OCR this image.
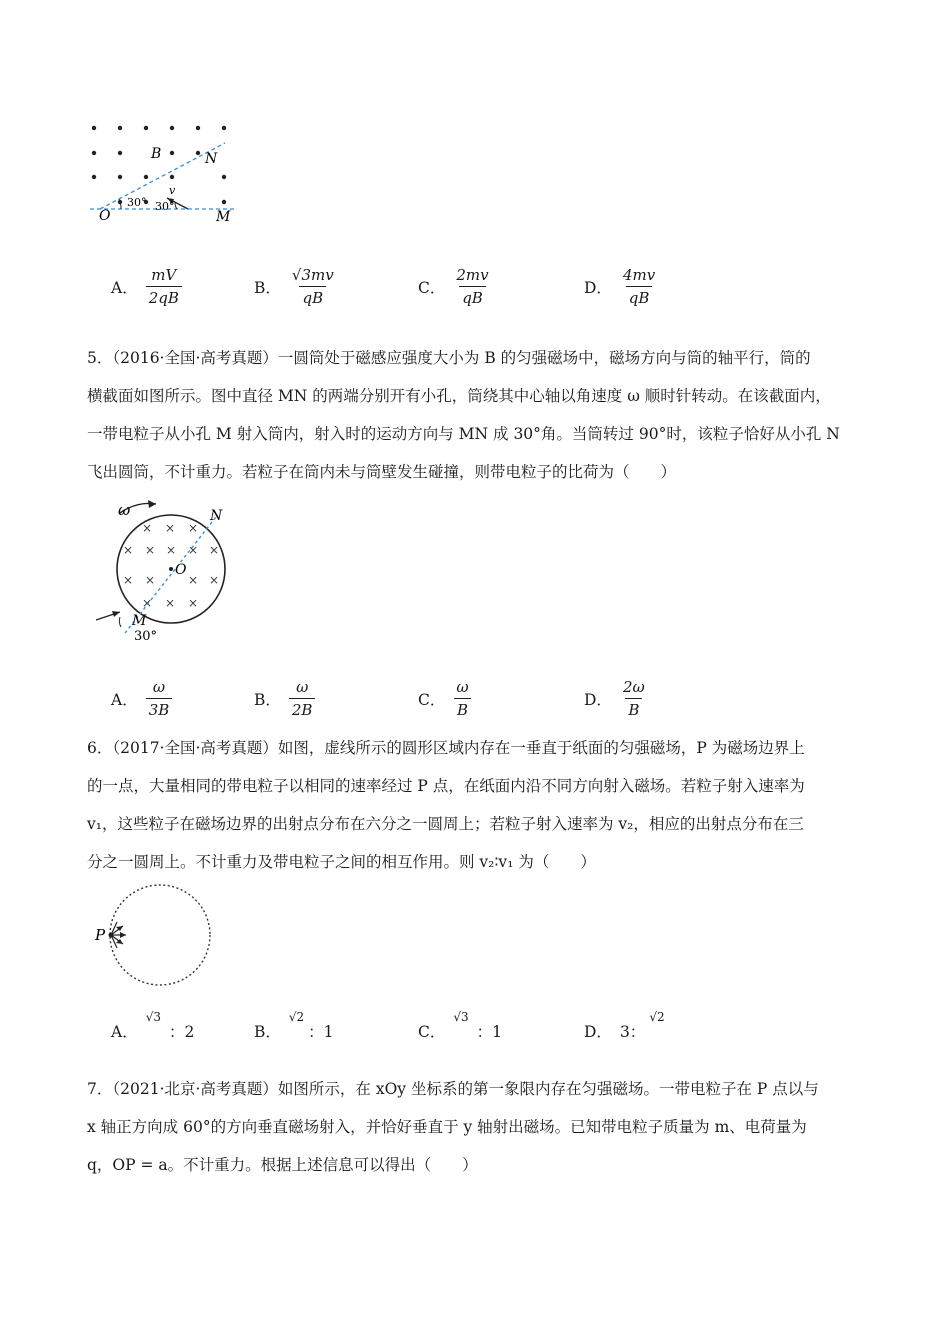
B	N
O	M
v
30° 30°
A． $\frac{mV}{2qB}$	B． $\frac{√3mv}{qB}$	C． $\frac{2mv}{qB}$	D． $\frac{4mv}{qB}$
5．（2016·全国·高考真题）一圆筒处于磁感应强度大小为 B 的匀强磁场中，磁场方向与筒的轴平行，筒的
横截面如图所示。图中直径 MN 的两端分别开有小孔，筒绕其中心轴以角速度 ω 顺时针转动。在该截面内，
一带电粒子从小孔 M 射入筒内，射入时的运动方向与 MN 成 30°角。当筒转过 90°时，该粒子恰好从小孔 N
飞出圆筒，不计重力。若粒子在筒内未与筒壁发生碰撞，则带电粒子的比荷为（　　）
× × ×
× × × × ×
× ×	× ×
× × ×
ω	N
O
M
30°
A． $\frac{\omega}{3B}$	B． $\frac{\omega}{2B}$	C． $\frac{\omega}{B}$	D． $\frac{2\omega}{B}$
6．（2017·全国·高考真题）如图，虚线所示的圆形区域内存在一垂直于纸面的匀强磁场，P 为磁场边界上
的一点，大量相同的带电粒子以相同的速率经过 P 点，在纸面内沿不同方向射入磁场。若粒子射入速率为
v₁，这些粒子在磁场边界的出射点分布在六分之一圆周上；若粒子射入速率为 v₂，相应的出射点分布在三
分之一圆周上。不计重力及带电粒子之间的相互作用。则 v₂∶v₁ 为（　　）
P
A．
√3
：2	B．
√2
：1	C．
√3
：1	D． 3：
√2
7．（2021·北京·高考真题）如图所示，在 xOy 坐标系的第一象限内存在匀强磁场。一带电粒子在 P 点以与
x 轴正方向成 60°的方向垂直磁场射入，并恰好垂直于 y 轴射出磁场。已知带电粒子质量为 m、电荷量为
q，OP = a。不计重力。根据上述信息可以得出（　　）
